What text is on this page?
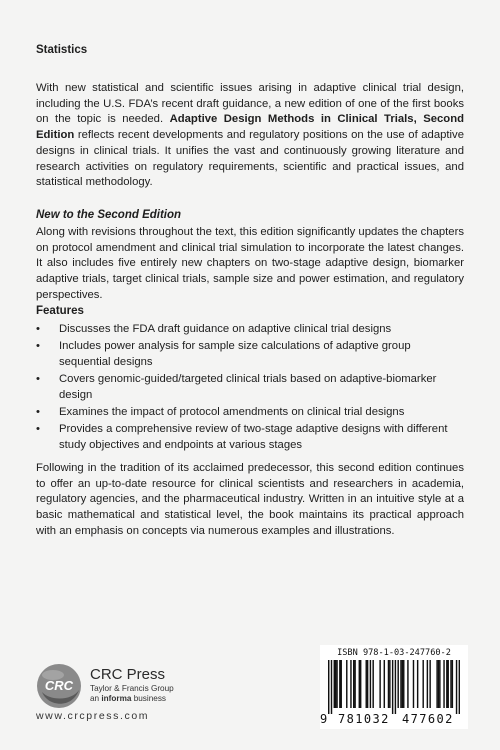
Statistics

With new statistical and scientific issues arising in adaptive clinical trial design, including the U.S. FDA’s recent draft guidance, a new edition of one of the first books on the topic is needed. Adaptive Design Methods in Clinical Trials, Second Edition reflects recent developments and regulatory positions on the use of adaptive designs in clinical trials. It unifies the vast and continuously growing literature and research activities on regulatory requirements, scientific and practical issues, and statistical methodology.

New to the Second Edition

Along with revisions throughout the text, this edition significantly updates the chapters on protocol amendment and clinical trial simulation to incorporate the latest changes. It also includes five entirely new chapters on two-stage adaptive design, biomarker adaptive trials, target clinical trials, sample size and power estimation, and regulatory perspectives.

Features
• Discusses the FDA draft guidance on adaptive clinical trial designs
• Includes power analysis for sample size calculations of adaptive group sequential designs
• Covers genomic-guided/targeted clinical trials based on adaptive-biomarker design
• Examines the impact of protocol amendments on clinical trial designs
• Provides a comprehensive review of two-stage adaptive designs with different study objectives and endpoints at various stages

Following in the tradition of its acclaimed predecessor, this second edition continues to offer an up-to-date resource for clinical scientists and researchers in academia, regulatory agencies, and the pharmaceutical industry. Written in an intuitive style at a basic mathematical and statistical level, the book maintains its practical approach with an emphasis on concepts via numerous examples and illustrations.

CRC
CRC Press
Taylor & Francis Group
an informa business
www.crcpress.com
ISBN 978-1-03-247760-2
9 781032 477602
